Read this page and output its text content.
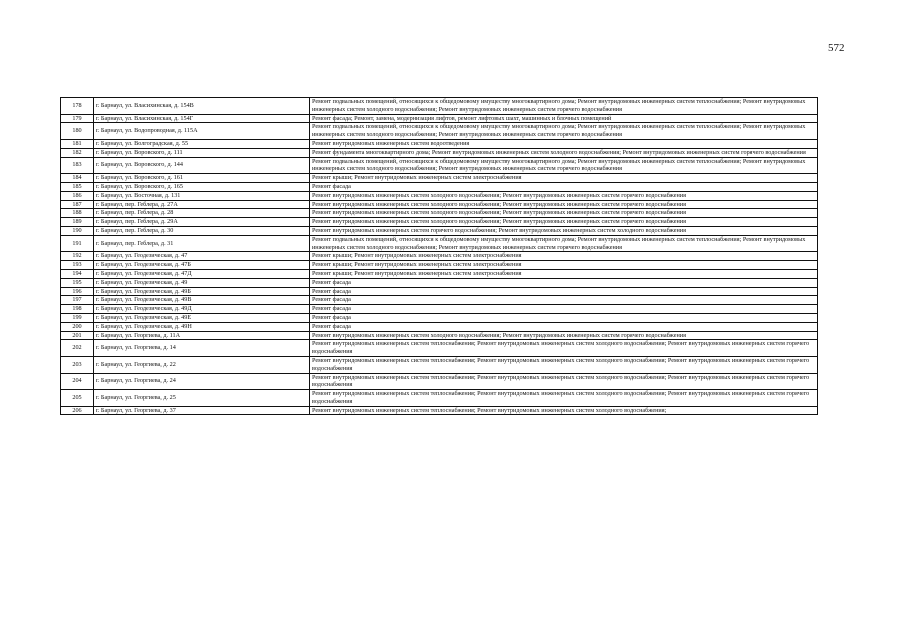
572
178	г. Барнаул, ул. Власихинская, д. 154В	Ремонт подвальных помещений, относящихся к общедомовому имуществу многоквартирного дома; Ремонт внутридомовых инженерных систем теплоснабжения; Ремонт внутридомовых инженерных систем холодного водоснабжения; Ремонт внутридомовых инженерных систем горячего водоснабжения
179	г. Барнаул, ул. Власихинская, д. 154Г	Ремонт фасада; Ремонт, замена, модернизация лифтов, ремонт лифтовых шахт, машинных и блочных помещений
180	г. Барнаул, ул. Водопроводная, д. 115А	Ремонт подвальных помещений, относящихся к общедомовому имуществу многоквартирного дома; Ремонт внутридомовых инженерных систем теплоснабжения; Ремонт внутридомовых инженерных систем холодного водоснабжения; Ремонт внутридомовых инженерных систем горячего водоснабжения
181	г. Барнаул, ул. Волгоградская, д. 55	Ремонт внутридомовых инженерных систем водоотведения
182	г. Барнаул, ул. Воровского, д. 111	Ремонт фундамента многоквартирного дома; Ремонт внутридомовых инженерных систем холодного водоснабжения; Ремонт внутридомовых инженерных систем горячего водоснабжения
183	г. Барнаул, ул. Воровского, д. 144	Ремонт подвальных помещений, относящихся к общедомовому имуществу многоквартирного дома; Ремонт внутридомовых инженерных систем теплоснабжения; Ремонт внутридомовых инженерных систем холодного водоснабжения; Ремонт внутридомовых инженерных систем горячего водоснабжения
184	г. Барнаул, ул. Воровского, д. 161	Ремонт крыши; Ремонт внутридомовых инженерных систем электроснабжения
185	г. Барнаул, ул. Воровского, д. 165	Ремонт фасада
186	г. Барнаул, ул. Восточная, д. 131	Ремонт внутридомовых инженерных систем холодного водоснабжения; Ремонт внутридомовых инженерных систем горячего водоснабжения
187	г. Барнаул, пер. Геблера, д. 27А	Ремонт внутридомовых инженерных систем холодного водоснабжения; Ремонт внутридомовых инженерных систем горячего водоснабжения
188	г. Барнаул, пер. Геблера, д. 28	Ремонт внутридомовых инженерных систем холодного водоснабжения; Ремонт внутридомовых инженерных систем горячего водоснабжения
189	г. Барнаул, пер. Геблера, д. 29А	Ремонт внутридомовых инженерных систем холодного водоснабжения; Ремонт внутридомовых инженерных систем горячего водоснабжения
190	г. Барнаул, пер. Геблера, д. 30	Ремонт внутридомовых инженерных систем горячего водоснабжения; Ремонт внутридомовых инженерных систем холодного водоснабжения
191	г. Барнаул, пер. Геблера, д. 31	Ремонт подвальных помещений, относящихся к общедомовому имуществу многоквартирного дома; Ремонт внутридомовых инженерных систем теплоснабжения; Ремонт внутридомовых инженерных систем холодного водоснабжения; Ремонт внутридомовых инженерных систем горячего водоснабжения
192	г. Барнаул, ул. Геодезическая, д. 47	Ремонт крыши; Ремонт внутридомовых инженерных систем электроснабжения
193	г. Барнаул, ул. Геодезическая, д. 47Б	Ремонт крыши; Ремонт внутридомовых инженерных систем электроснабжения
194	г. Барнаул, ул. Геодезическая, д. 47Д	Ремонт крыши; Ремонт внутридомовых инженерных систем электроснабжения
195	г. Барнаул, ул. Геодезическая, д. 49	Ремонт фасада
196	г. Барнаул, ул. Геодезическая, д. 49Б	Ремонт фасада
197	г. Барнаул, ул. Геодезическая, д. 49В	Ремонт фасада
198	г. Барнаул, ул. Геодезическая, д. 49Д	Ремонт фасада
199	г. Барнаул, ул. Геодезическая, д. 49Е	Ремонт фасада
200	г. Барнаул, ул. Геодезическая, д. 49Н	Ремонт фасада
201	г. Барнаул, ул. Георгиева, д. 11А	Ремонт внутридомовых инженерных систем холодного водоснабжения; Ремонт внутридомовых инженерных систем горячего водоснабжения
202	г. Барнаул, ул. Георгиева, д. 14	Ремонт внутридомовых инженерных систем теплоснабжения; Ремонт внутридомовых инженерных систем холодного водоснабжения; Ремонт внутридомовых инженерных систем горячего водоснабжения
203	г. Барнаул, ул. Георгиева, д. 22	Ремонт внутридомовых инженерных систем теплоснабжения; Ремонт внутридомовых инженерных систем холодного водоснабжения; Ремонт внутридомовых инженерных систем горячего водоснабжения
204	г. Барнаул, ул. Георгиева, д. 24	Ремонт внутридомовых инженерных систем теплоснабжения; Ремонт внутридомовых инженерных систем холодного водоснабжения; Ремонт внутридомовых инженерных систем горячего водоснабжения
205	г. Барнаул, ул. Георгиева, д. 25	Ремонт внутридомовых инженерных систем теплоснабжения; Ремонт внутридомовых инженерных систем холодного водоснабжения; Ремонт внутридомовых инженерных систем горячего водоснабжения
206	г. Барнаул, ул. Георгиева, д. 37	Ремонт внутридомовых инженерных систем теплоснабжения; Ремонт внутридомовых инженерных систем холодного водоснабжения;
